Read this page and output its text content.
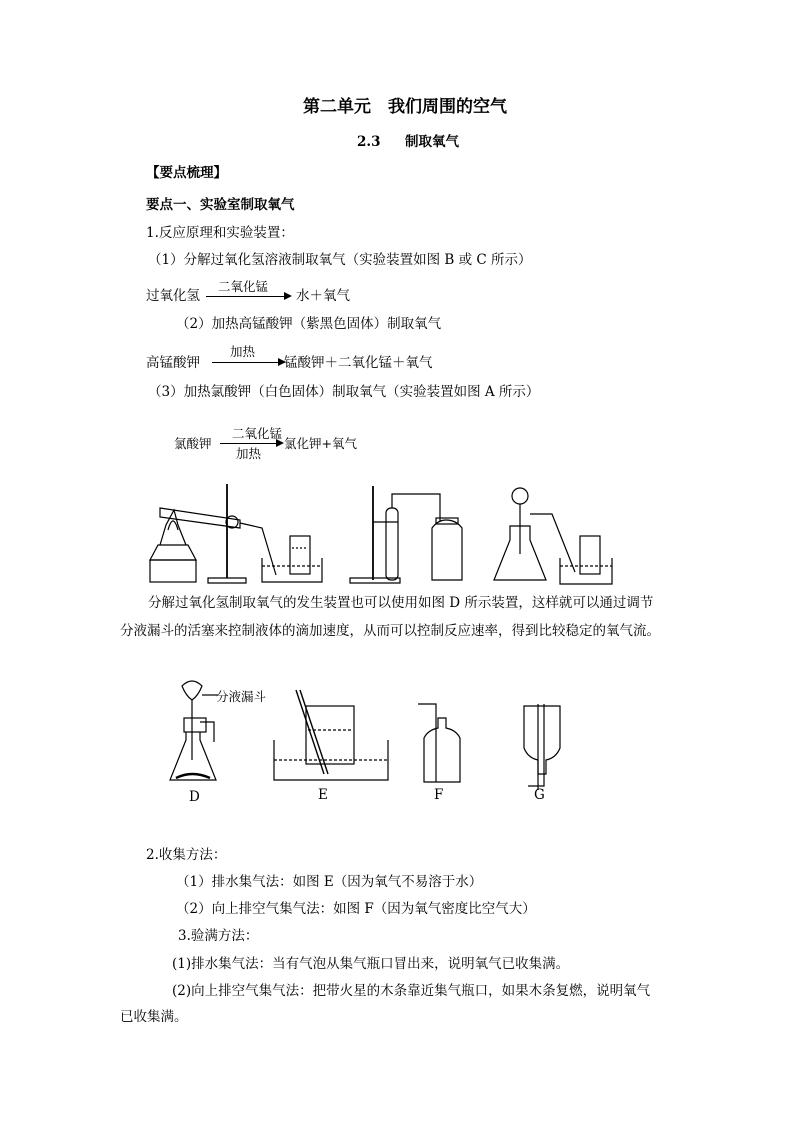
第二单元　我们周围的空气
2.3 制取氧气
【要点梳理】
要点一、实验室制取氧气
1.反应原理和实验装置：
（1）分解过氧化氢溶液制取氧气（实验装置如图 B 或 C 所示）
过氧化氢
二氧化锰
水＋氧气
（2）加热高锰酸钾（紫黑色固体）制取氧气
高锰酸钾
加热
锰酸钾＋二氧化锰＋氧气
（3）加热氯酸钾（白色固体）制取氧气（实验装置如图 A 所示）
氯酸钾
二氧化锰
加热
氯化钾+氧气
分解过氧化氢制取氧气的发生装置也可以使用如图 D 所示装置，这样就可以通过调节
分液漏斗的活塞来控制液体的滴加速度，从而可以控制反应速率，得到比较稳定的氧气流。
分液漏斗
D	E	F	G
2.收集方法：
（1）排水集气法：如图 E（因为氧气不易溶于水）
（2）向上排空气集气法：如图 F（因为氧气密度比空气大）
3.验满方法：
(1)排水集气法：当有气泡从集气瓶口冒出来，说明氧气已收集满。
(2)向上排空气集气法：把带火星的木条靠近集气瓶口，如果木条复燃，说明氧气
已收集满。
